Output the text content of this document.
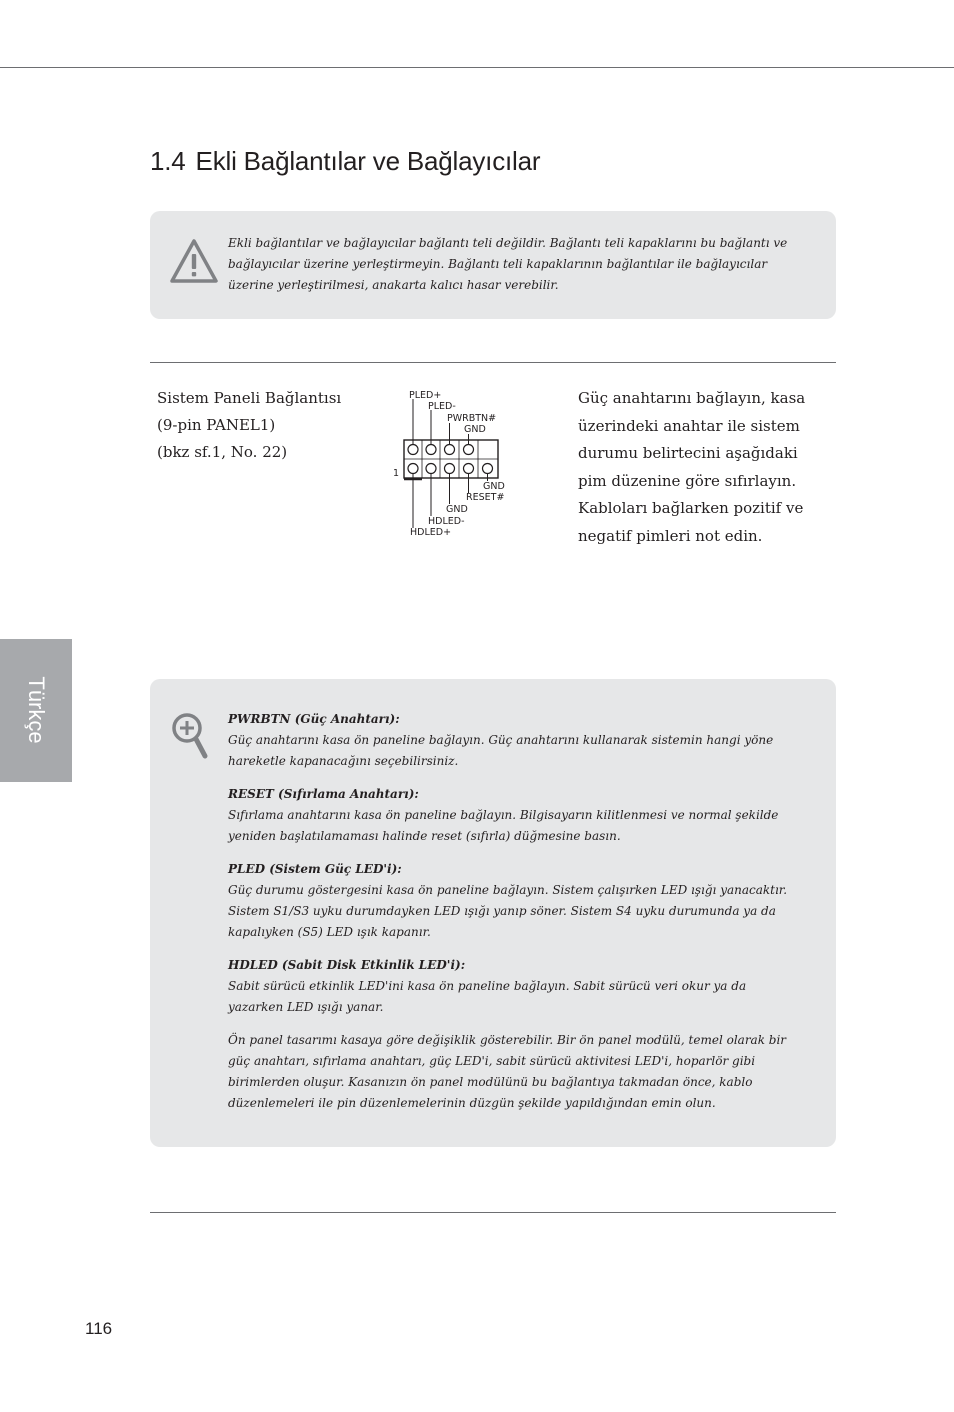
1.4 Ekli Bağlantılar ve Bağlayıcılar

Ekli bağlantılar ve bağlayıcılar bağlantı teli değildir. Bağlantı teli kapaklarını bu bağlantı ve bağlayıcılar üzerine yerleştirmeyin. Bağlantı teli kapaklarının bağlantılar ile bağlayıcılar üzerine yerleştirilmesi, anakarta kalıcı hasar verebilir.

Sistem Paneli Bağlantısı
(9-pin PANEL1)
(bkz sf.1, No. 22)
PLED+
PLED-
PWRBTN#
GND
1
GND
RESET#
GND
HDLED-
HDLED+

Güç anahtarını bağlayın, kasa üzerindeki anahtar ile sistem durumu belirtecini aşağıdaki pim düzenine göre sıfırlayın. Kabloları bağlarken pozitif ve negatif pimleri not edin.

Türkçe	PWRBTN (Güç Anahtarı):

Güç anahtarını kasa ön paneline bağlayın. Güç anahtarını kullanarak sistemin hangi yöne hareketle kapanacağını seçebilirsiniz.

RESET (Sıfırlama Anahtarı):

Sıfırlama anahtarını kasa ön paneline bağlayın. Bilgisayarın kilitlenmesi ve normal şekilde yeniden başlatılamaması halinde reset (sıfırla) düğmesine basın.

PLED (Sistem Güç LED'i):

Güç durumu göstergesini kasa ön paneline bağlayın. Sistem çalışırken LED ışığı yanacaktır. Sistem S1/S3 uyku durumdayken LED ışığı yanıp söner. Sistem S4 uyku durumunda ya da kapalıyken (S5) LED ışık kapanır.

HDLED (Sabit Disk Etkinlik LED'i):

Sabit sürücü etkinlik LED'ini kasa ön paneline bağlayın. Sabit sürücü veri okur ya da yazarken LED ışığı yanar.

Ön panel tasarımı kasaya göre değişiklik gösterebilir. Bir ön panel modülü, temel olarak bir güç anahtarı, sıfırlama anahtarı, güç LED'i, sabit sürücü aktivitesi LED'i, hoparlör gibi birimlerden oluşur. Kasanızın ön panel modülünü bu bağlantıya takmadan önce, kablo düzenlemeleri ile pin düzenlemelerinin düzgün şekilde yapıldığından emin olun.

116
